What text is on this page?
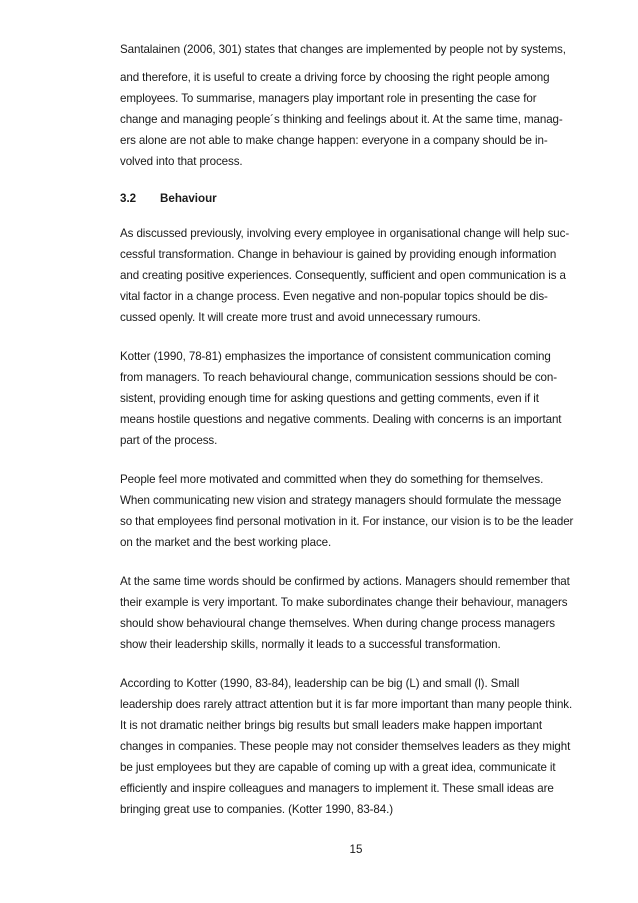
Santalainen (2006, 301) states that changes are implemented by people not by systems,
and therefore, it is useful to create a driving force by choosing the right people among
employees. To summarise, managers play important role in presenting the case for
change and managing people´s thinking and feelings about it. At the same time, manag-
ers alone are not able to make change happen: everyone in a company should be in-
volved into that process.
3.2 Behaviour
As discussed previously, involving every employee in organisational change will help suc-
cessful transformation. Change in behaviour is gained by providing enough information
and creating positive experiences. Consequently, sufficient and open communication is a
vital factor in a change process. Even negative and non-popular topics should be dis-
cussed openly. It will create more trust and avoid unnecessary rumours.
Kotter (1990, 78-81) emphasizes the importance of consistent communication coming
from managers. To reach behavioural change, communication sessions should be con-
sistent, providing enough time for asking questions and getting comments, even if it
means hostile questions and negative comments. Dealing with concerns is an important
part of the process.
People feel more motivated and committed when they do something for themselves.
When communicating new vision and strategy managers should formulate the message
so that employees find personal motivation in it. For instance, our vision is to be the leader
on the market and the best working place.
At the same time words should be confirmed by actions. Managers should remember that
their example is very important. To make subordinates change their behaviour, managers
should show behavioural change themselves. When during change process managers
show their leadership skills, normally it leads to a successful transformation.
According to Kotter (1990, 83-84), leadership can be big (L) and small (l). Small
leadership does rarely attract attention but it is far more important than many people think.
It is not dramatic neither brings big results but small leaders make happen important
changes in companies. These people may not consider themselves leaders as they might
be just employees but they are capable of coming up with a great idea, communicate it
efficiently and inspire colleagues and managers to implement it. These small ideas are
bringing great use to companies. (Kotter 1990, 83-84.)
15
